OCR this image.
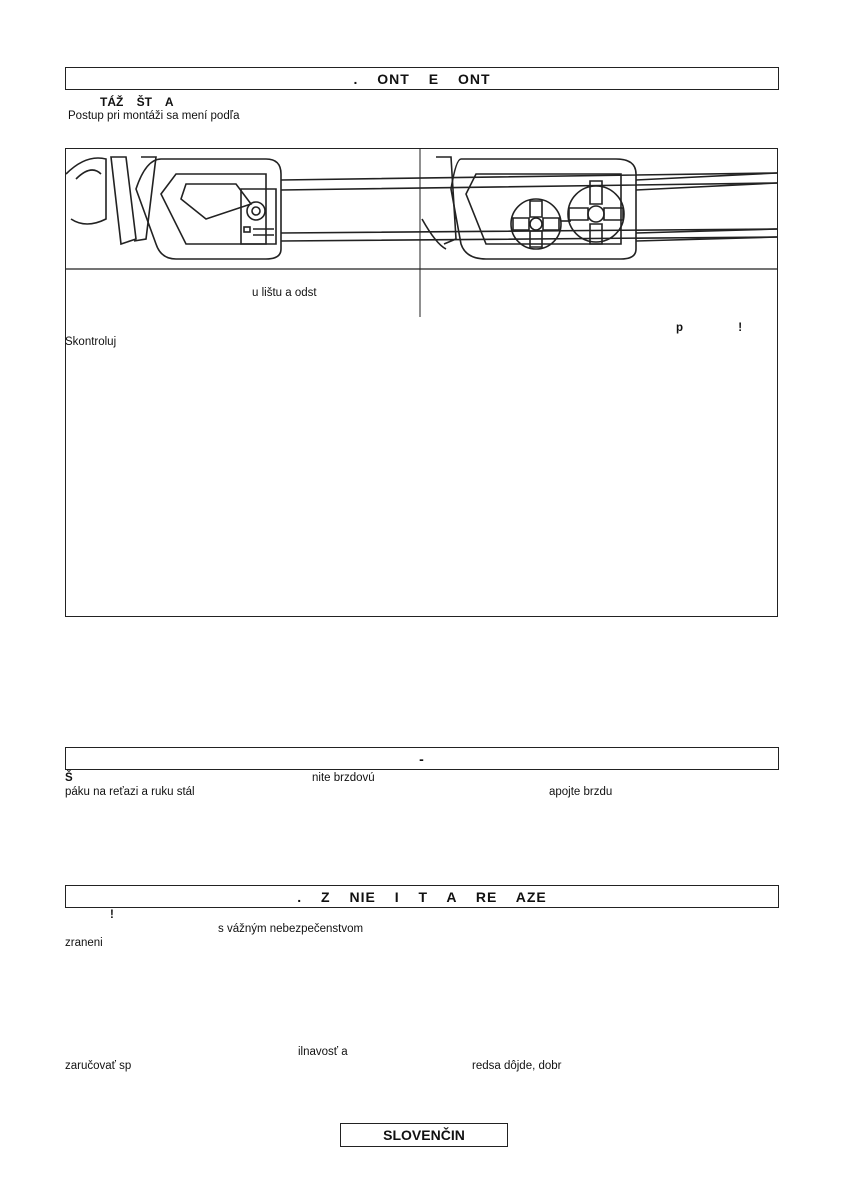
. ONT E ONT
TÁŽ ŠT A
Postup pri montáži sa mení podľa
u lištu a odst
p !
Skontroluj
-
Š	nite brzdovú
páku na reťazi a ruku stál	apojte brzdu
. Z NIE I T A RE AZE
!
s vážným nebezpečenstvom
zraneni
ilnavosť a
zaručovať sp	redsa dôjde, dobr
SLOVENČIN
